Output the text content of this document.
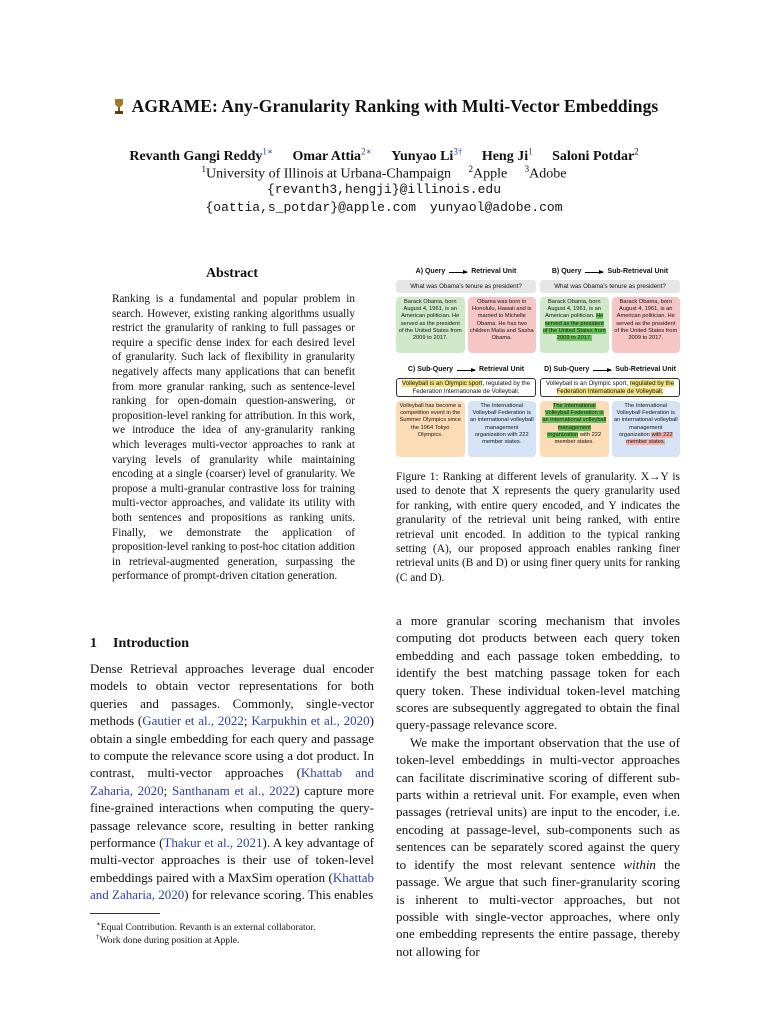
AGRAME: Any-Granularity Ranking with Multi-Vector Embeddings
Revanth Gangi Reddy$^{1∗}$ Omar Attia$^{2∗}$ Yunyao $Li^{3\dagger}$ Heng Ji$^1$ Saloni Potdar$^2$
$^1$University of Illinois at Urbana-Champaign $^2$Apple $^3$Adobe
{revanth3,hengji}@illinois.edu
{oattia,s_potdar}@apple.com yunyaol@adobe.com
Abstract
Ranking is a fundamental and popular problem in search. However, existing ranking algorithms usually restrict the granularity of ranking to full passages or require a specific dense index for each desired level of granularity. Such lack of flexibility in granularity negatively affects many applications that can benefit from more granular ranking, such as sentence-level ranking for open-domain question-answering, or proposition-level ranking for attribution. In this work, we introduce the idea of any-granularity ranking which leverages multi-vector approaches to rank at varying levels of granularity while maintaining encoding at a single (coarser) level of granularity. We propose a multi-granular contrastive loss for training multi-vector approaches, and validate its utility with both sentences and propositions as ranking units. Finally, we demonstrate the application of proposition-level ranking to post-hoc citation addition in retrieval-augmented generation, surpassing the performance of prompt-driven citation generation.
1 Introduction
Dense Retrieval approaches leverage dual encoder models to obtain vector representations for both queries and passages. Commonly, single-vector methods (Gautier et al., 2022; Karpukhin et al., 2020) obtain a single embedding for each query and passage to compute the relevance score using a dot product. In contrast, multi-vector approaches (Khattab and Zaharia, 2020; Santhanam et al., 2022) capture more fine-grained interactions when computing the query-passage relevance score, resulting in better ranking performance (Thakur et al., 2021). A key advantage of multi-vector approaches is their use of token-level embeddings paired with a MaxSim operation (Khattab and Zaharia, 2020) for relevance scoring. This enables
∗Equal Contribution. Revanth is an external collaborator.
†Work done during position at Apple.
A) Query	Retrieval Unit
What was Obama's tenure as president?
Barack Obama, born August 4, 1961, is an American politician. He served as the president of the United States from 2009 to 2017.
Obama was born in Honolulu, Hawaii and is married to Michelle Obama. He has two children Malia and Sasha Obama.
B) Query	Sub-Retrieval Unit
What was Obama's tenure as president?
Barack Obama, born August 4, 1961, is an American politician. He served as the president of the United States from 2009 to 2017.
Barack Obama, born August 4, 1961, is an American politician. He served as the president of the United States from 2009 to 2017.
C) Sub-Query	Retrieval Unit
Volleyball is an Olympic sport, regulated by the Federation Internationale de Volleyball.
Volleyball has become a competition event in the Summer Olympics since the 1964 Tokyo Olympics.
The International Volleyball Federation is an international volleyball management organization with 222 member states.
D) Sub-Query	Sub-Retrieval Unit
Volleyball is an Olympic sport, regulated by the Federation Internationale de Volleyball.
The International Volleyball Federation is an international volleyball management organization with 222 member states.
The International Volleyball Federation is an international volleyball management organization with 222 member states.
Figure 1: Ranking at different levels of granularity. X→Y is used to denote that X represents the query granularity used for ranking, with entire query encoded, and Y indicates the granularity of the retrieval unit being ranked, with entire retrieval unit encoded. In addition to the typical ranking setting (A), our proposed approach enables ranking finer retrieval units (B and D) or using finer query units for ranking (C and D).

a more granular scoring mechanism that involes computing dot products between each query token embedding and each passage token embedding, to identify the best matching passage token for each query token. These individual token-level matching scores are subsequently aggregated to obtain the final query-passage relevance score.

We make the important observation that the use of token-level embeddings in multi-vector approaches can facilitate discriminative scoring of different sub-parts within a retrieval unit. For example, even when passages (retrieval units) are input to the encoder, i.e. encoding at passage-level, sub-components such as sentences can be separately scored against the query to identify the most relevant sentence within the passage. We argue that such finer-granularity scoring is inherent to multi-vector approaches, but not possible with single-vector approaches, where only one embedding represents the entire passage, thereby not allowing for
